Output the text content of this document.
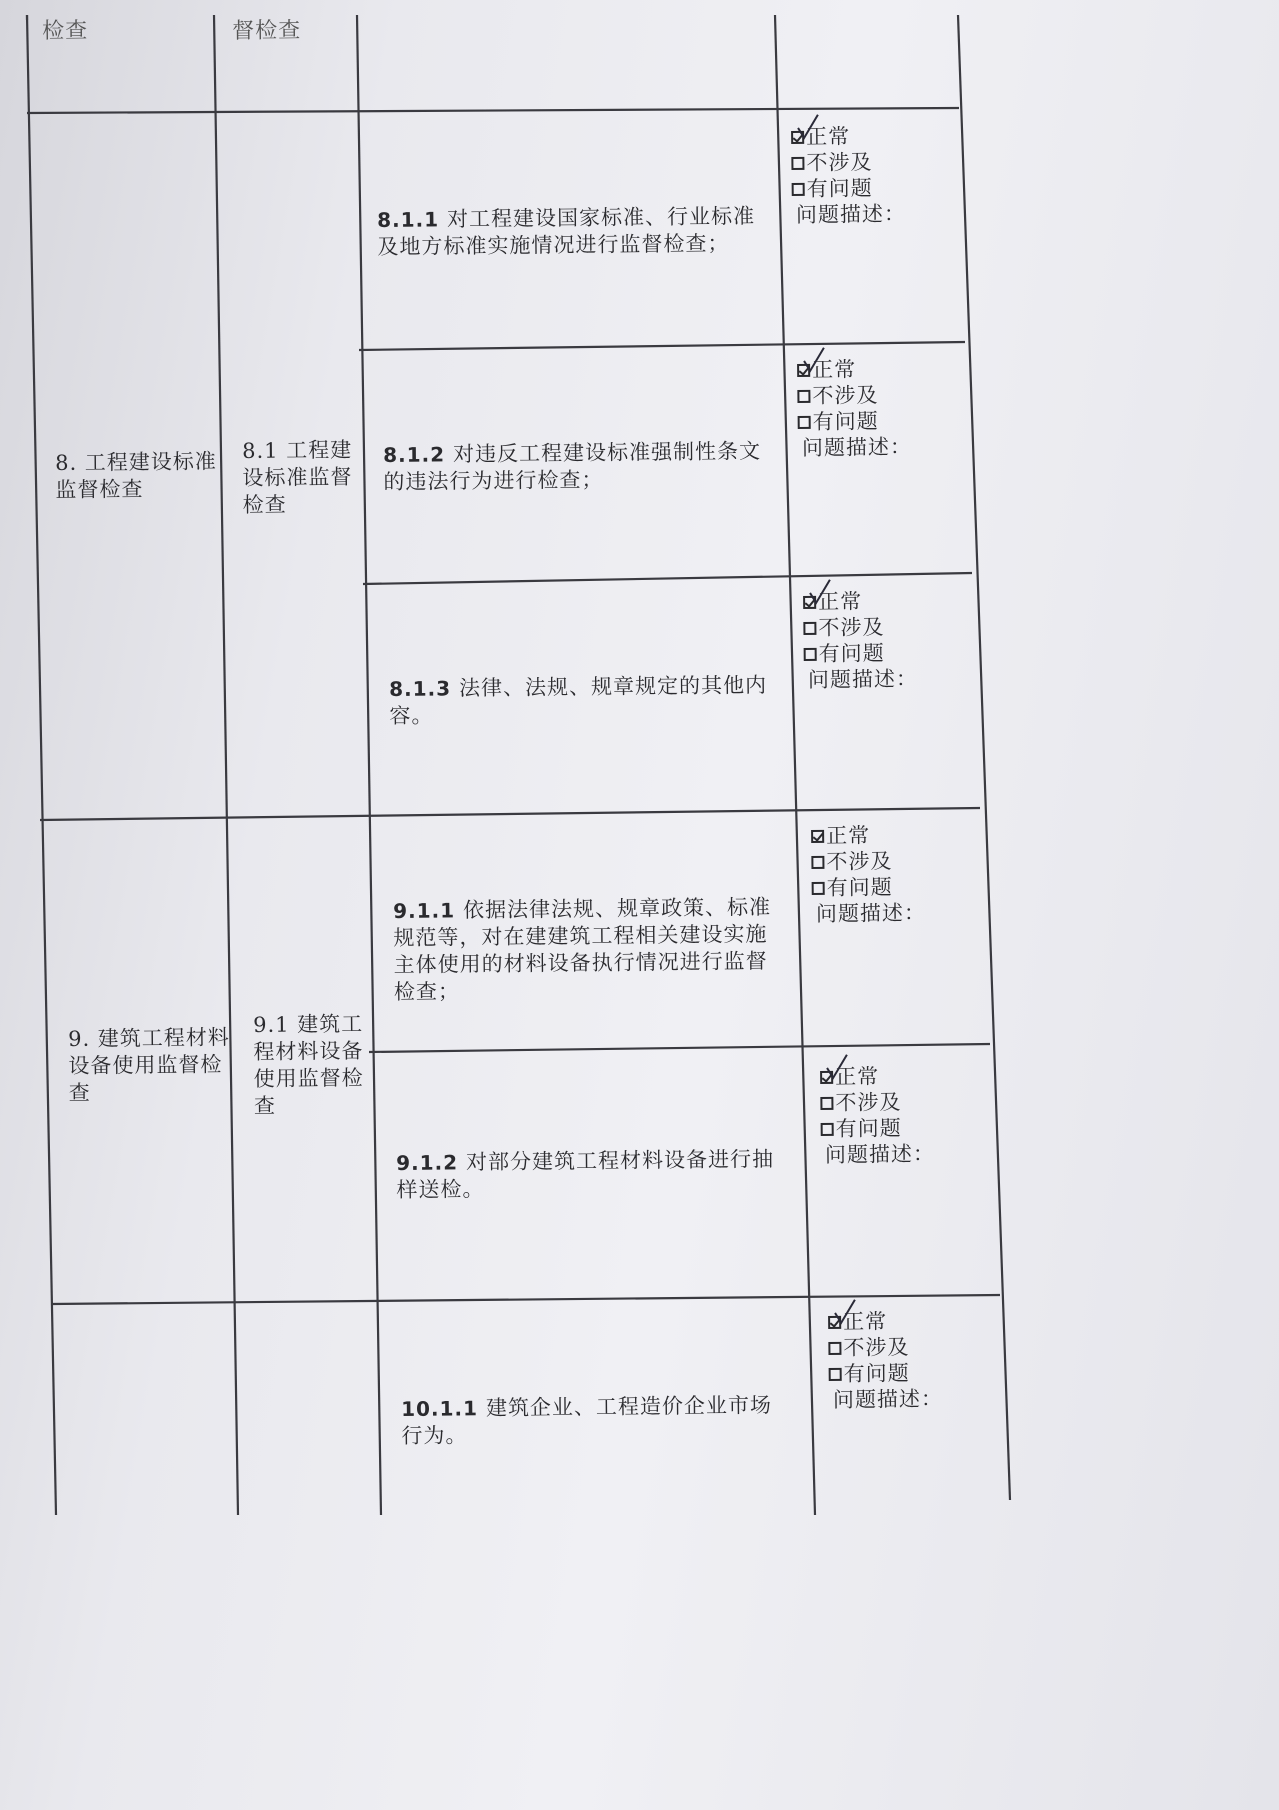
检查	督检查
8. 工程建设标准监督检查
8.1 工程建设标准监督检查
8.1.1 对工程建设国家标准、行业标准及地方标准实施情况进行监督检查；
8.1.2 对违反工程建设标准强制性条文的违法行为进行检查；
8.1.3 法律、法规、规章规定的其他内容。
9. 建筑工程材料设备使用监督检查
9.1 建筑工程材料设备使用监督检查
9.1.1 依据法律法规、规章政策、标准规范等，对在建建筑工程相关建设实施主体使用的材料设备执行情况进行监督检查；
9.1.2 对部分建筑工程材料设备进行抽样送检。
10.1.1 建筑企业、工程造价企业市场行为。
正常
不涉及
有问题
问题描述：
正常
不涉及
有问题
问题描述：
正常
不涉及
有问题
问题描述：
正常
不涉及
有问题
问题描述：
正常
不涉及
有问题
问题描述：
正常
不涉及
有问题
问题描述：
